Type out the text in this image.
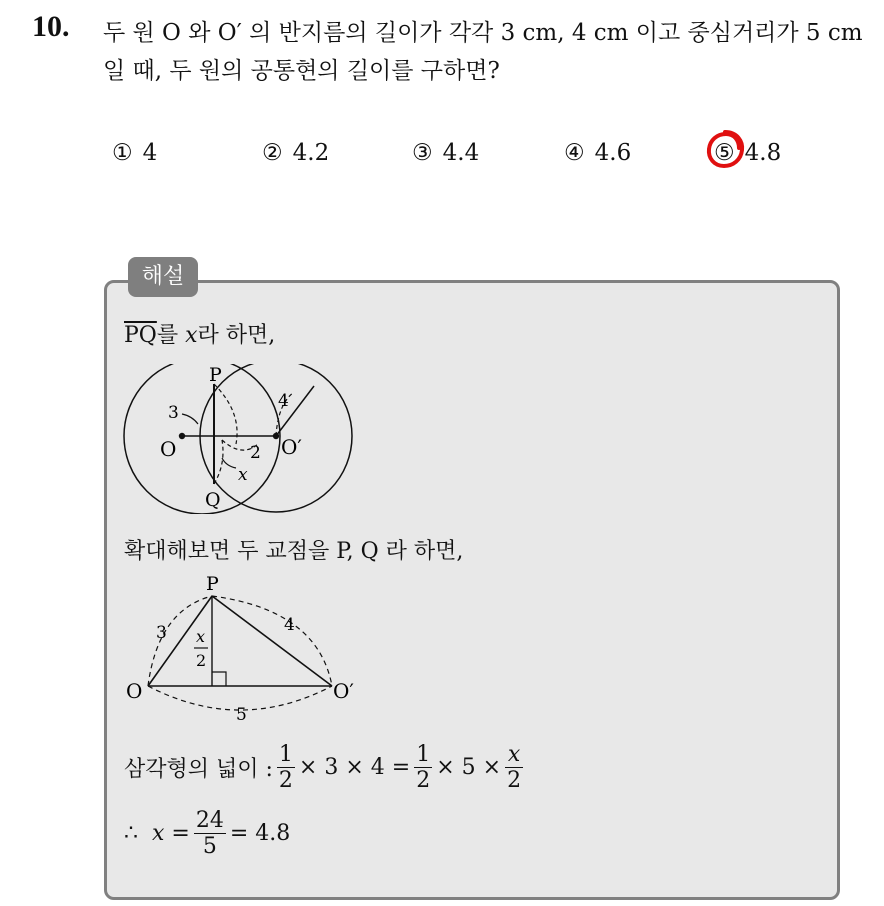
10. 두 원 O 와 O′ 의 반지름의 길이가 각각 3 cm, 4 cm 이고 중심거리가 5 cm 일 때, 두 원의 공통현의 길이를 구하면?
① 4	② 4.2	③ 4.4	④ 4.6	⑤ 4.8
해설
$\overline{PQ}$를 x라 하면,
P
Q
O	O′
3
4
2
x
확대해보면 두 교점을 P, Q 라 하면,
P
O	O′
3	4
5
x
2
삼각형의 넓이 : $\frac{1}{2} \times 3 \times 4 = \frac{1}{2} \times 5 \times \frac{x}{2}$
∴
x
= $\frac{24}{5} = 4.8$
